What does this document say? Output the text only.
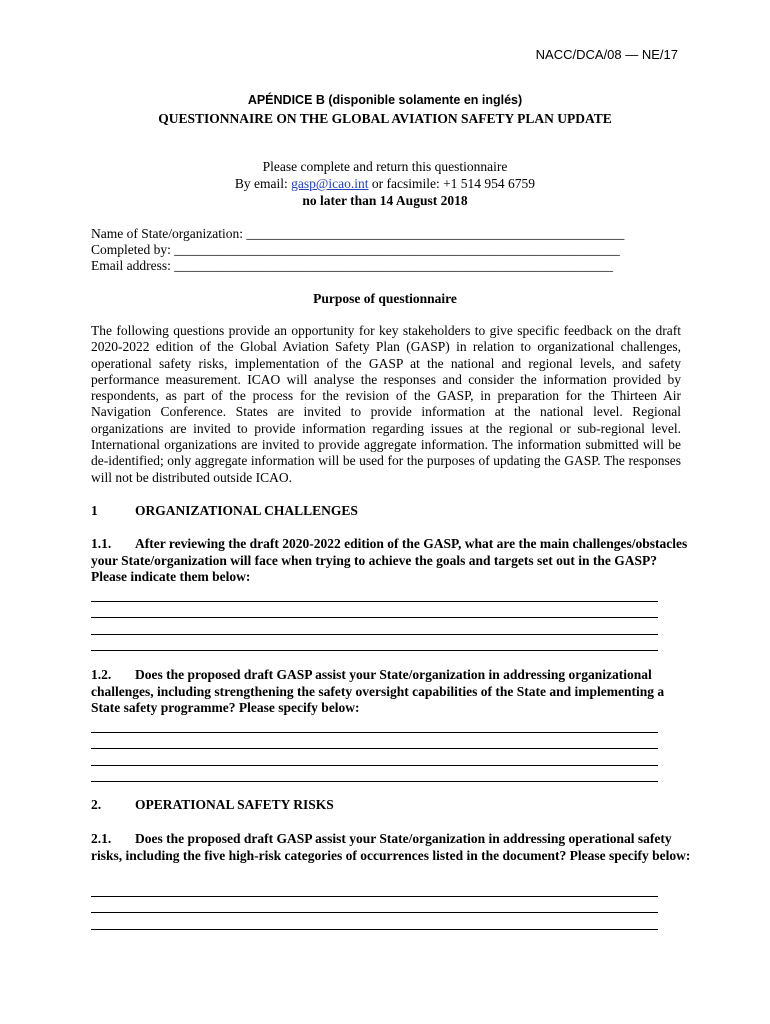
NACC/DCA/08 — NE/17
APÉNDICE B (disponible solamente en inglés)
QUESTIONNAIRE ON THE GLOBAL AVIATION SAFETY PLAN UPDATE
Please complete and return this questionnaire
By email: gasp@icao.int or facsimile: +1 514 954 6759
no later than 14 August 2018
Name of State/organization: ________________________________________________________
Completed by: __________________________________________________________________
Email address: _________________________________________________________________
Purpose of questionnaire
The following questions provide an opportunity for key stakeholders to give specific feedback on the draft 2020-2022 edition of the Global Aviation Safety Plan (GASP) in relation to organizational challenges, operational safety risks, implementation of the GASP at the national and regional levels, and safety performance measurement. ICAO will analyse the responses and consider the information provided by respondents, as part of the process for the revision of the GASP, in preparation for the Thirteen Air Navigation Conference. States are invited to provide information at the national level. Regional organizations are invited to provide information regarding issues at the regional or sub-regional level. International organizations are invited to provide aggregate information. The information submitted will be de-identified; only aggregate information will be used for the purposes of updating the GASP. The responses will not be distributed outside ICAO.
1	ORGANIZATIONAL CHALLENGES
1.1. After reviewing the draft 2020-2022 edition of the GASP, what are the main challenges/obstacles your State/organization will face when trying to achieve the goals and targets set out in the GASP? Please indicate them below:
1.2. Does the proposed draft GASP assist your State/organization in addressing organizational challenges, including strengthening the safety oversight capabilities of the State and implementing a State safety programme? Please specify below:
2.	OPERATIONAL SAFETY RISKS
2.1. Does the proposed draft GASP assist your State/organization in addressing operational safety risks, including the five high-risk categories of occurrences listed in the document? Please specify below:
